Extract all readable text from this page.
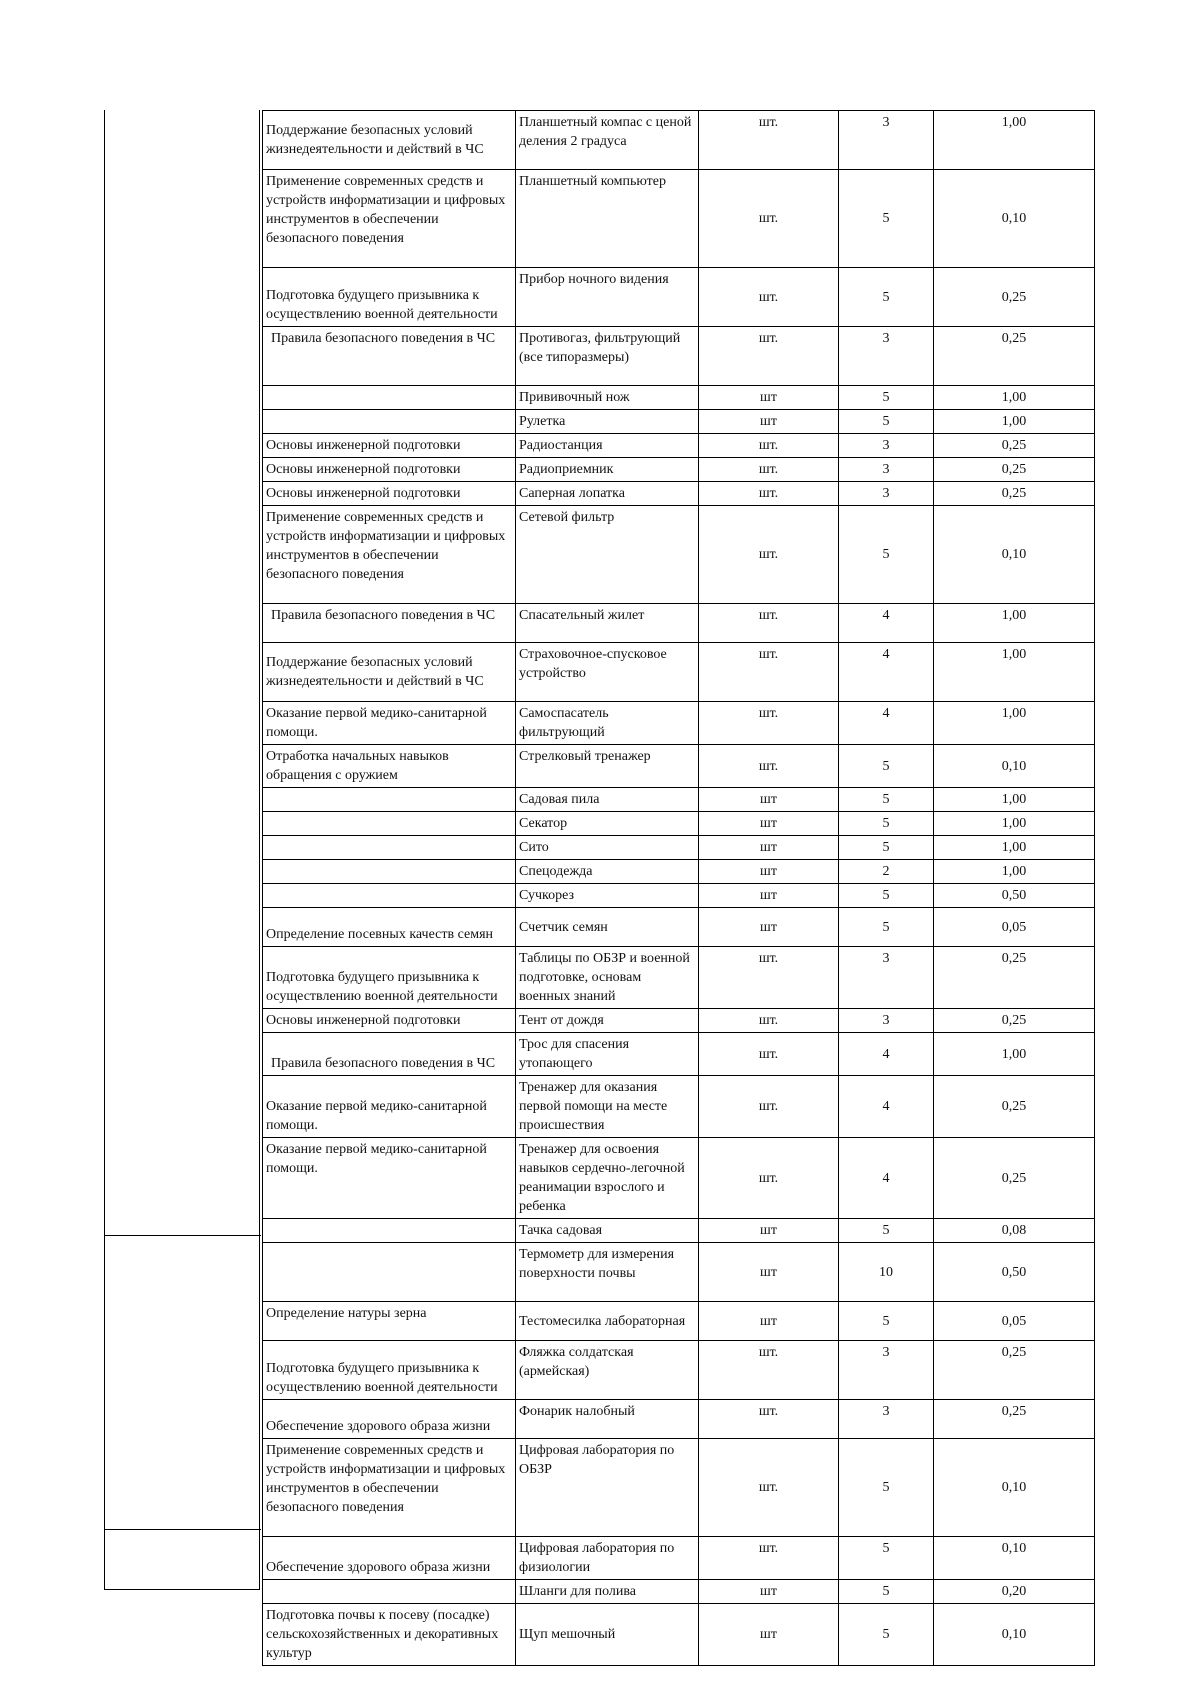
Поддержание безопасных условий жизнедеятельности и действий в ЧС	Планшетный компас с ценой деления 2 градуса	шт.	3	1,00
Применение современных средств и устройств информатизации и цифровых инструментов в обеспечении безопасного поведения	Планшетный компьютер	шт.	5	0,10
Подготовка будущего призывника к осуществлению военной деятельности	Прибор ночного видения	шт.	5	0,25
Правила безопасного поведения в ЧС	Противогаз, фильтрующий (все типоразмеры)	шт.	3	0,25
	Прививочный нож	шт	5	1,00
	Рулетка	шт	5	1,00
Основы инженерной подготовки	Радиостанция	шт.	3	0,25
Основы инженерной подготовки	Радиоприемник	шт.	3	0,25
Основы инженерной подготовки	Саперная лопатка	шт.	3	0,25
Применение современных средств и устройств информатизации и цифровых инструментов в обеспечении безопасного поведения	Сетевой фильтр	шт.	5	0,10
Правила безопасного поведения в ЧС	Спасательный жилет	шт.	4	1,00
Поддержание безопасных условий жизнедеятельности и действий в ЧС	Страховочное-спусковое устройство	шт.	4	1,00
Оказание первой медико-санитарной помощи.	Самоспасатель фильтрующий	шт.	4	1,00
Отработка начальных навыков обращения с оружием	Стрелковый тренажер	шт.	5	0,10
	Садовая пила	шт	5	1,00
	Секатор	шт	5	1,00
	Сито	шт	5	1,00
	Спецодежда	шт	2	1,00
	Сучкорез	шт	5	0,50
Определение посевных качеств семян	Счетчик семян	шт	5	0,05
Подготовка будущего призывника к осуществлению военной деятельности	Таблицы по ОБЗР и военной подготовке, основам военных знаний	шт.	3	0,25
Основы инженерной подготовки	Тент от дождя	шт.	3	0,25
Правила безопасного поведения в ЧС	Трос для спасения утопающего	шт.	4	1,00
Оказание первой медико-санитарной помощи.	Тренажер для оказания первой помощи на месте происшествия	шт.	4	0,25
Оказание первой медико-санитарной помощи.	Тренажер для освоения навыков сердечно-легочной реанимации взрослого и ребенка	шт.	4	0,25
	Тачка садовая	шт	5	0,08
	Термометр для измерения поверхности почвы	шт	10	0,50
Определение натуры зерна	Тестомесилка лабораторная	шт	5	0,05
Подготовка будущего призывника к осуществлению военной деятельности	Фляжка солдатская (армейская)	шт.	3	0,25
Обеспечение здорового образа жизни	Фонарик налобный	шт.	3	0,25
Применение современных средств и устройств информатизации и цифровых инструментов в обеспечении безопасного поведения	Цифровая лаборатория по ОБЗР	шт.	5	0,10
Обеспечение здорового образа жизни	Цифровая лаборатория по физиологии	шт.	5	0,10
	Шланги для полива	шт	5	0,20
Подготовка почвы к посеву (посадке) сельскохозяйственных и декоративных культур	Щуп мешочный	шт	5	0,10
